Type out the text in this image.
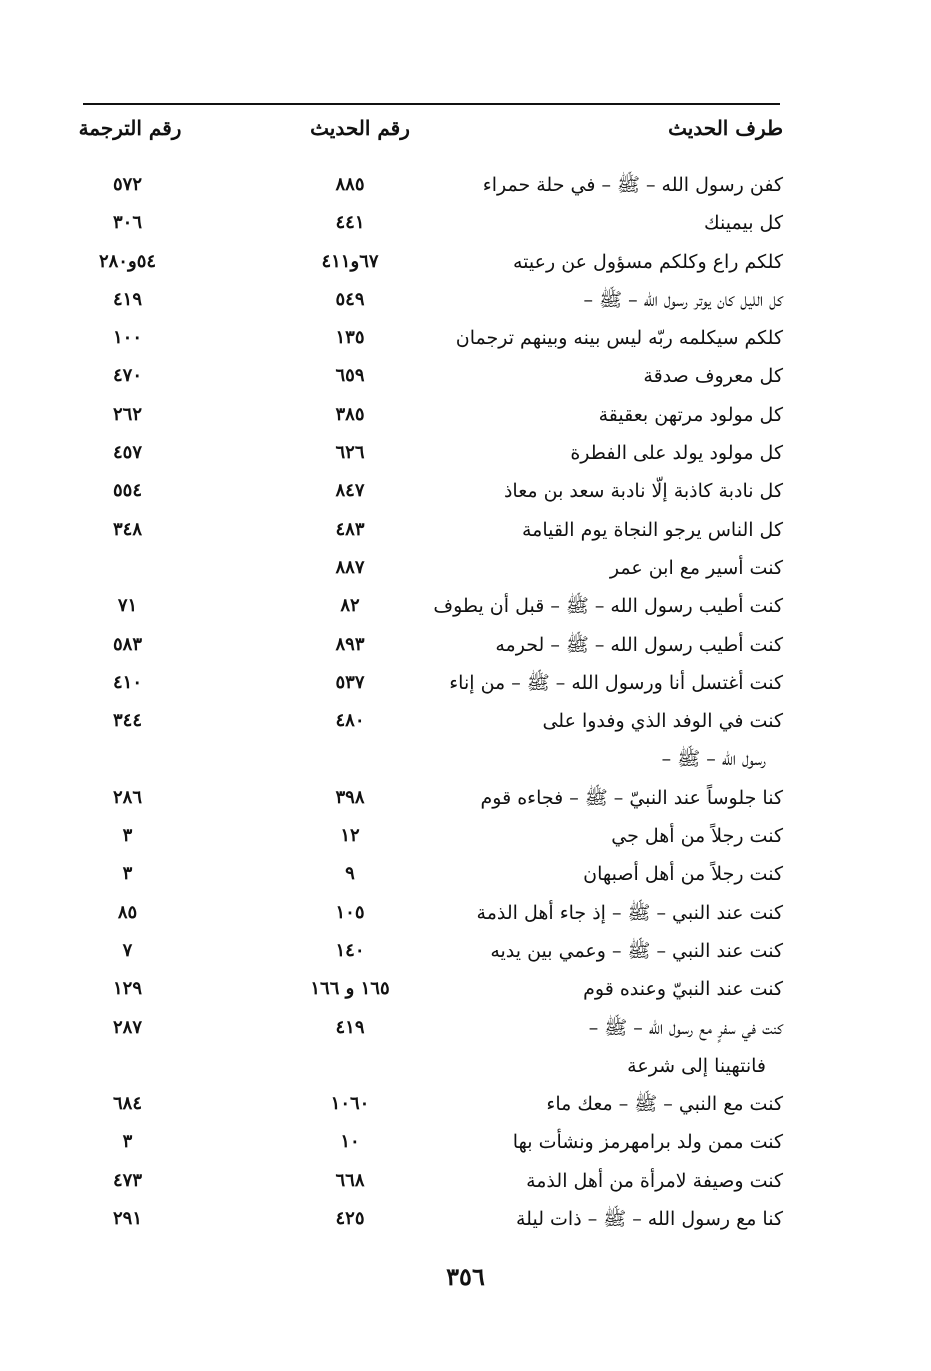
طرف الحديث
رقم الحديث
رقم الترجمة
كفن رسول الله – ﷺ – في حلة حمراء
٨٨٥
٥٧٢
كل بيمينك
٤٤١
٣٠٦
كلكم راع وكلكم مسؤول عن رعيته
٦٧و٤١١
٥٤و٢٨٠
كل الليل كان يوتر رسول الله – ﷺ –
٥٤٩
٤١٩
كلكم سيكلمه ربّه ليس بينه وبينهم ترجمان
١٣٥
١٠٠
كل معروف صدقة
٦٥٩
٤٧٠
كل مولود مرتهن بعقيقة
٣٨٥
٢٦٢
كل مولود يولد على الفطرة
٦٢٦
٤٥٧
كل نادبة كاذبة إلّا نادبة سعد بن معاذ
٨٤٧
٥٥٤
كل الناس يرجو النجاة يوم القيامة
٤٨٣
٣٤٨
كنت أسير مع ابن عمر
٨٨٧
كنت أطيب رسول الله – ﷺ – قبل أن يطوف
٨٢
٧١
كنت أطيب رسول الله – ﷺ – لحرمه
٨٩٣
٥٨٣
كنت أغتسل أنا ورسول الله – ﷺ – من إناء
٥٣٧
٤١٠
كنت في الوفد الذي وفدوا على
٤٨٠
٣٤٤
رسول الله – ﷺ –
كنا جلوساً عند النبيّ – ﷺ – فجاءه قوم
٣٩٨
٢٨٦
كنت رجلاً من أهل جي
١٢
٣
كنت رجلاً من أهل أصبهان
٩
٣
كنت عند النبي – ﷺ – إذ جاء أهل الذمة
١٠٥
٨٥
كنت عند النبي – ﷺ – وعمي بين يديه
١٤٠
٧
كنت عند النبيّ وعنده قوم
١٦٥ و ١٦٦
١٢٩
كنت في سفرٍ مع رسول الله – ﷺ –
٤١٩
٢٨٧
فانتهينا إلى شرعة
كنت مع النبي – ﷺ – معك ماء
١٠٦٠
٦٨٤
كنت ممن ولد برامهرمز ونشأت بها
١٠
٣
كنت وصيفة لامرأة من أهل الذمة
٦٦٨
٤٧٣
كنا مع رسول الله – ﷺ – ذات ليلة
٤٢٥
٢٩١
٣٥٦
